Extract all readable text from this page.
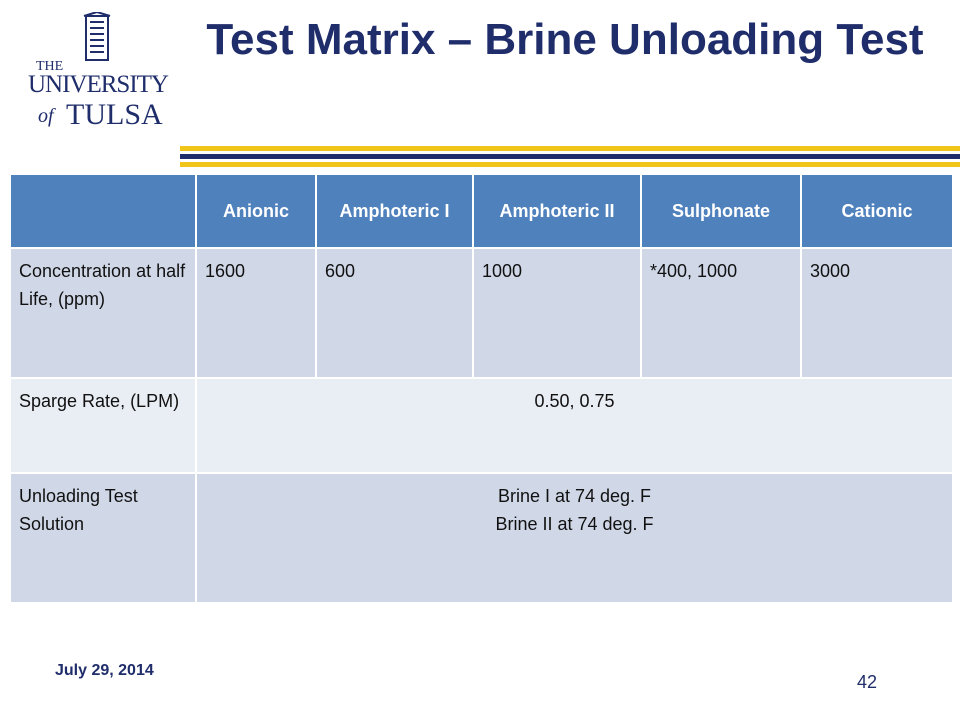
THE
UNIVERSITY
of TULSA
Test Matrix – Brine Unloading Test
	Anionic	Amphoteric I	Amphoteric II	Sulphonate	Cationic
Concentration at half Life, (ppm)	1600	600	1000	*400, 1000	3000
Sparge Rate, (LPM)	0.50, 0.75				
Unloading Test Solution	Brine I at 74 deg. F
Brine II at 74 deg. F				
July 29, 2014
42
